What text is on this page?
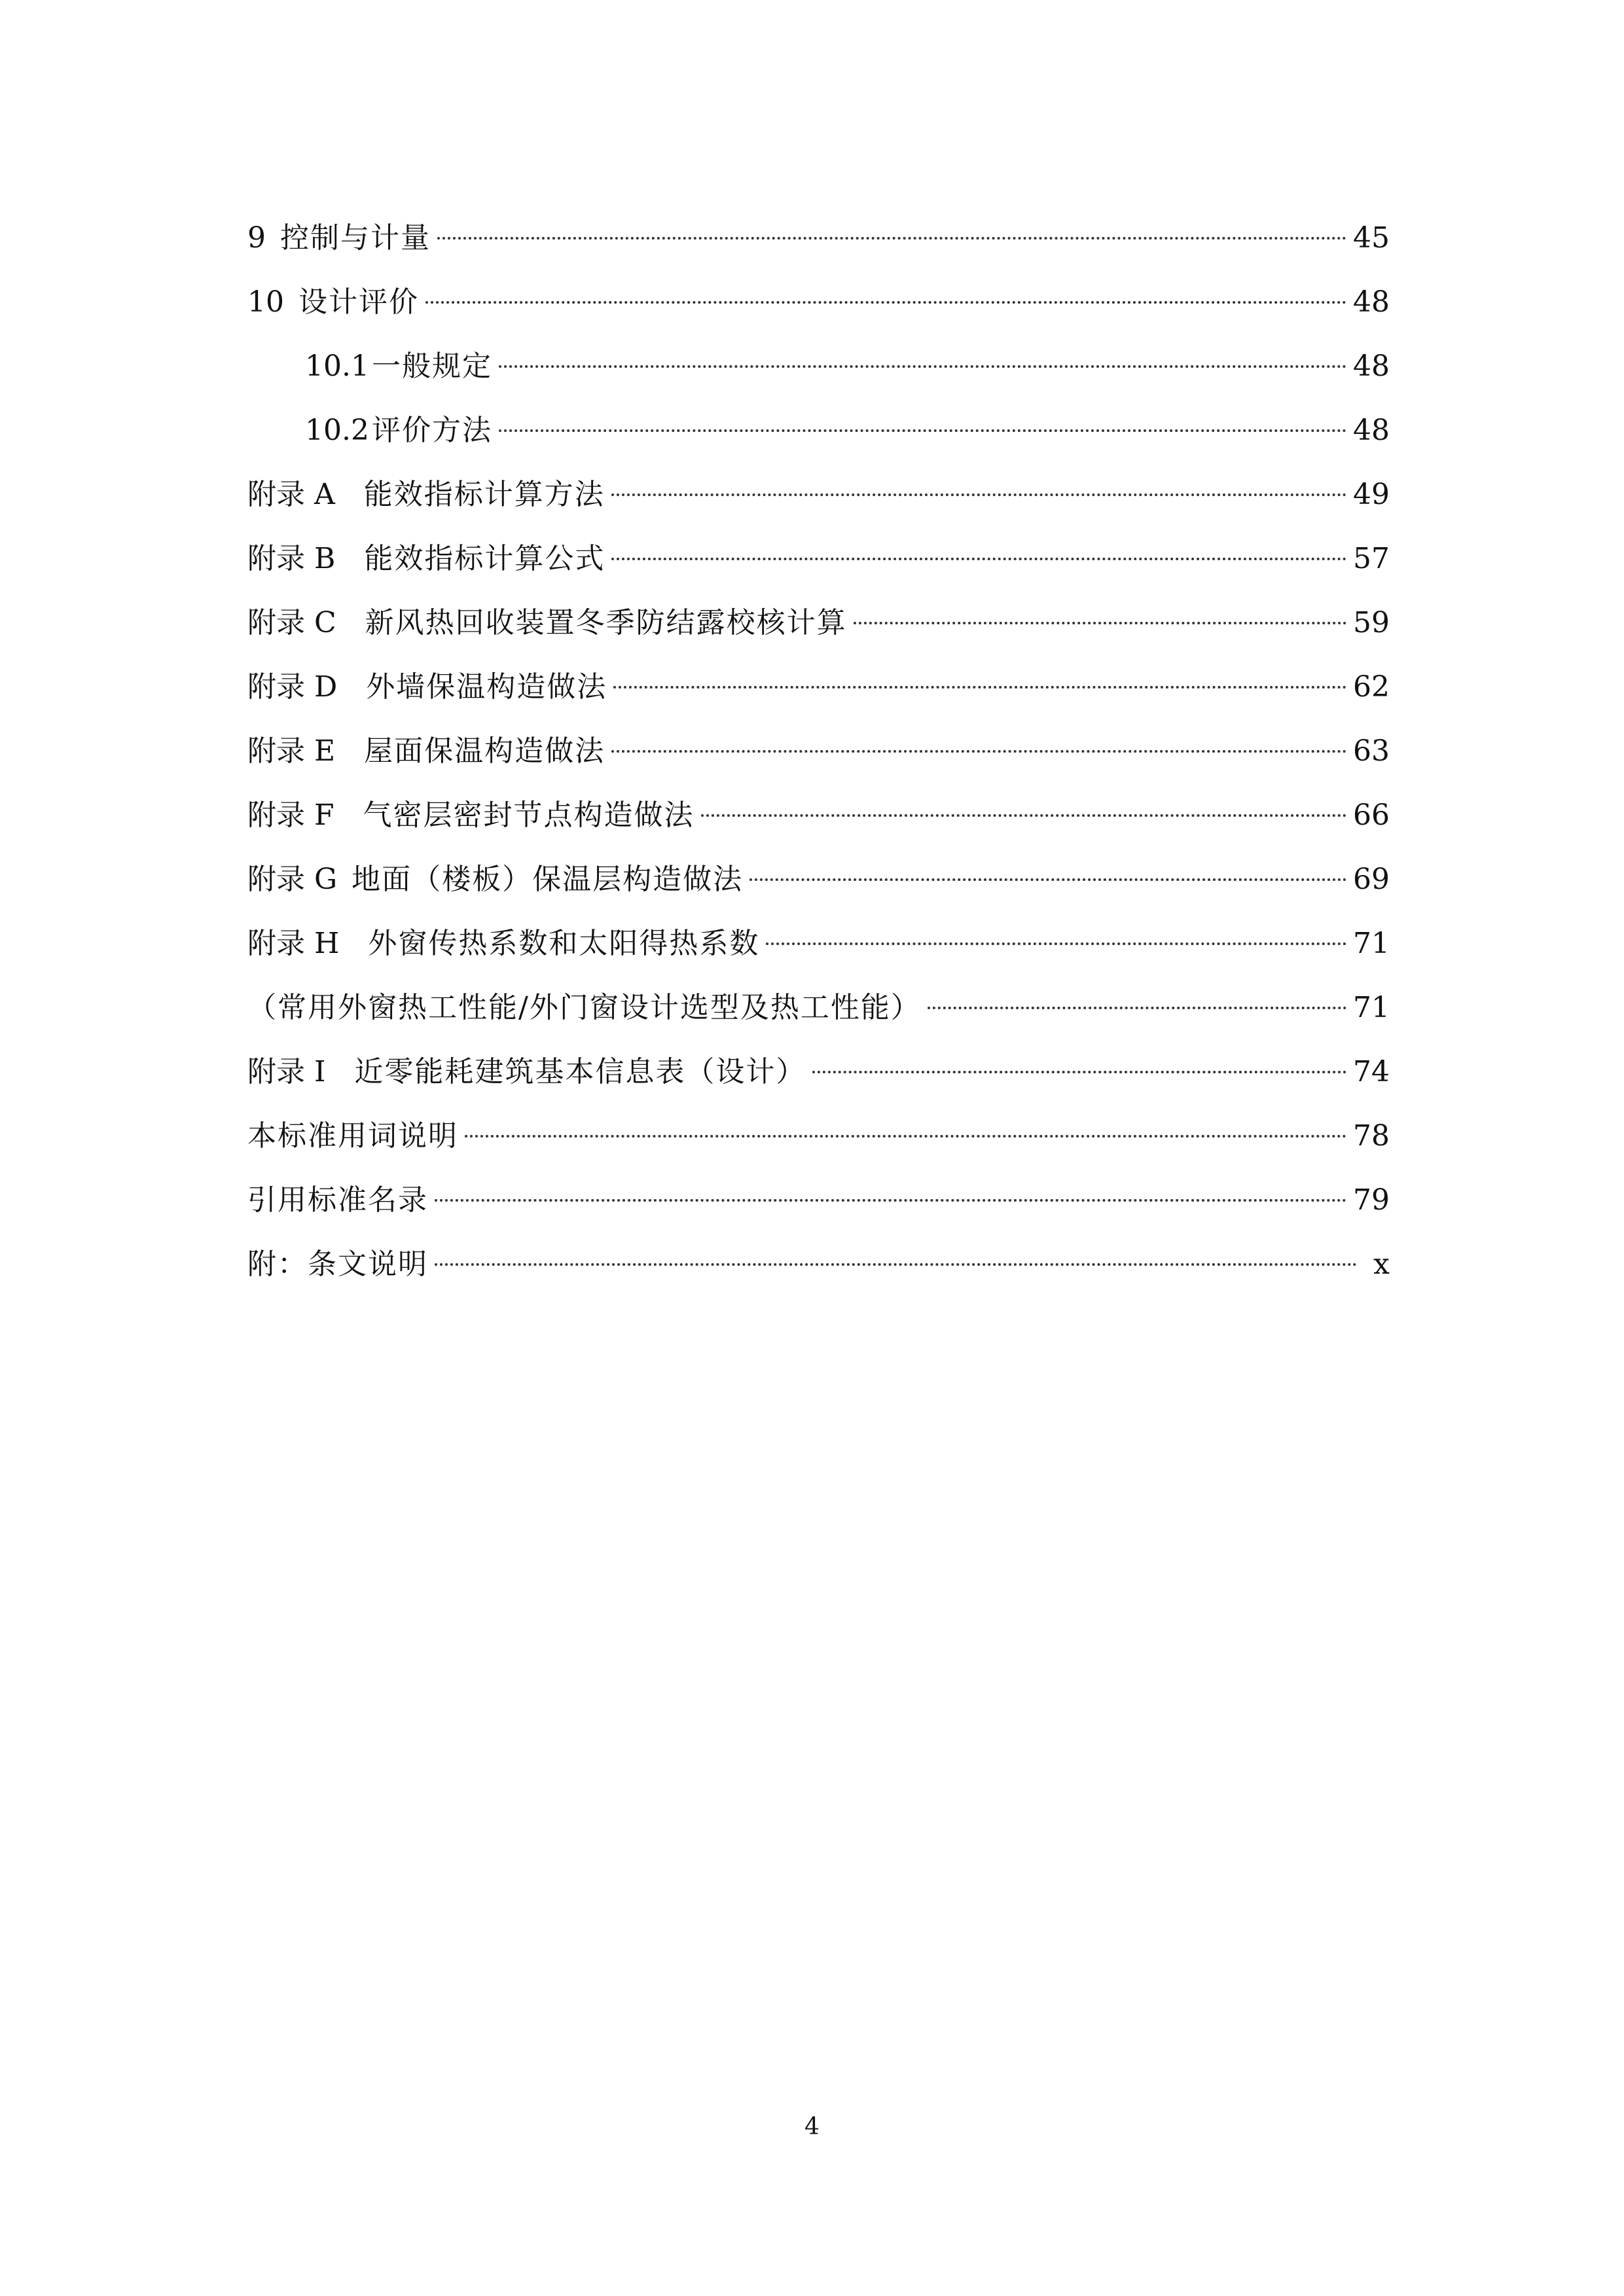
9 控制与计量	45
10 设计评价	48
10.1 一般规定	48
10.2 评价方法	48
附录 A 能效指标计算方法	49
附录 B 能效指标计算公式	57
附录 C 新风热回收装置冬季防结露校核计算	59
附录 D 外墙保温构造做法	62
附录 E 屋面保温构造做法	63
附录 F 气密层密封节点构造做法	66
附录 G 地面（楼板）保温层构造做法	69
附录 H 外窗传热系数和太阳得热系数	71
（常用外窗热工性能/外门窗设计选型及热工性能）	71
附录 I 近零能耗建筑基本信息表（设计）	74
本标准用词说明	78
引用标准名录	79
附：条文说明	x
4
